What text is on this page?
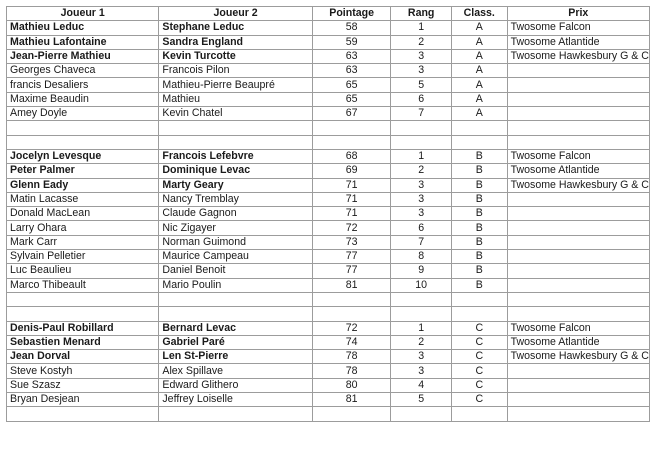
Joueur 1	Joueur 2	Pointage	Rang	Class.	Prix
Mathieu Leduc	Stephane Leduc	58	1	A	Twosome Falcon
Mathieu Lafontaine	Sandra England	59	2	A	Twosome Atlantide
Jean-Pierre Mathieu	Kevin Turcotte	63	3	A	Twosome Hawkesbury G & C
Georges Chaveca	Francois Pilon	63	3	A	
francis Desaliers	Mathieu-Pierre Beaupré	65	5	A	
Maxime Beaudin	Mathieu	65	6	A	
Amey Doyle	Kevin Chatel	67	7	A	

Jocelyn Levesque	Francois Lefebvre	68	1	B	Twosome Falcon
Peter Palmer	Dominique Levac	69	2	B	Twosome Atlantide
Glenn Eady	Marty Geary	71	3	B	Twosome Hawkesbury G & C
Matin Lacasse	Nancy Tremblay	71	3	B	
Donald MacLean	Claude Gagnon	71	3	B	
Larry Ohara	Nic Zigayer	72	6	B	
Mark Carr	Norman Guimond	73	7	B	
Sylvain Pelletier	Maurice Campeau	77	8	B	
Luc Beaulieu	Daniel Benoit	77	9	B	
Marco Thibeault	Mario Poulin	81	10	B	

Denis-Paul Robillard	Bernard Levac	72	1	C	Twosome Falcon
Sebastien Menard	Gabriel Paré	74	2	C	Twosome Atlantide
Jean Dorval	Len St-Pierre	78	3	C	Twosome Hawkesbury G & C
Steve Kostyh	Alex Spillave	78	3	C	
Sue Szasz	Edward Glithero	80	4	C	
Bryan Desjean	Jeffrey Loiselle	81	5	C	
